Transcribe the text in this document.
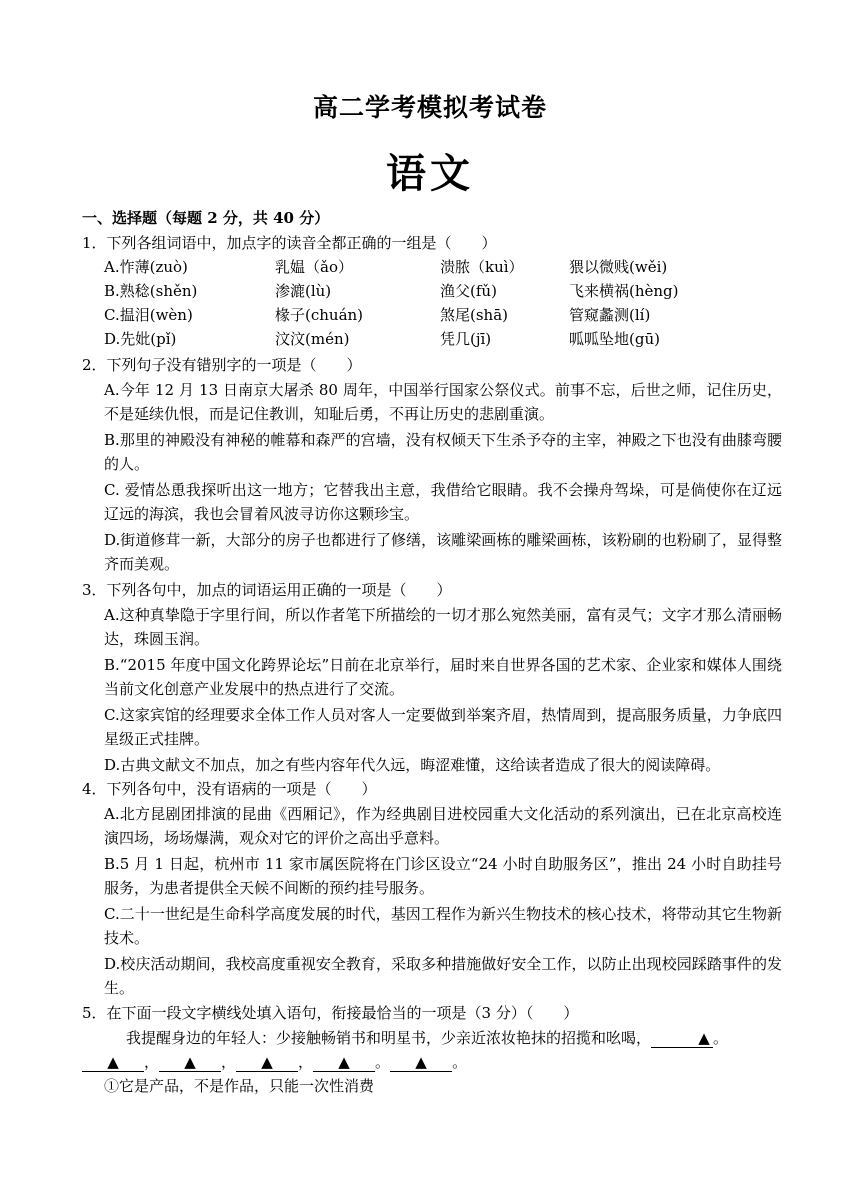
高二学考模拟考试卷
语文
一、选择题（每题 2 分，共 40 分）
1．下列各组词语中，加点字的读音全都正确的一组是（　　）
A.怍薄(zuò)	乳媪（ǎo）	溃脓（kuì）	猥以微贱(wěi)
B.熟稔(shěn)	渗漉(lù)	渔父(fǔ)	飞来横祸(hèng)
C.揾泪(wèn)	椽子(chuán)	煞尾(shā)	管窥蠡测(lí)
D.先妣(pǐ)	汶汶(mén)	凭几(jī)	呱呱坠地(gū)
2．下列句子没有错别字的一项是（　　）
A.今年 12 月 13 日南京大屠杀 80 周年，中国举行国家公祭仪式。前事不忘，后世之师，记住历史，不是延续仇恨，而是记住教训，知耻后勇，不再让历史的悲剧重演。
B.那里的神殿没有神秘的帷幕和森严的宫墙，没有权倾天下生杀予夺的主宰，神殿之下也没有曲膝弯腰的人。
C. 爱情怂恿我探听出这一地方；它替我出主意，我借给它眼睛。我不会操舟驾垛，可是倘使你在辽远辽远的海滨，我也会冒着风波寻访你这颗珍宝。
D.街道修茸一新，大部分的房子也都进行了修缮，该雕梁画栋的雕梁画栋，该粉刷的也粉刷了，显得整齐而美观。
3．下列各句中，加点的词语运用正确的一项是（　　）
A.这种真挚隐于字里行间，所以作者笔下所描绘的一切才那么宛然美丽，富有灵气；文字才那么清丽畅达，珠圆玉润。
B.“2015 年度中国文化跨界论坛”日前在北京举行，届时来自世界各国的艺术家、企业家和媒体人围绕当前文化创意产业发展中的热点进行了交流。
C.这家宾馆的经理要求全体工作人员对客人一定要做到举案齐眉，热情周到，提高服务质量，力争底四星级正式挂牌。
D.古典文献文不加点，加之有些内容年代久远，晦涩难懂，这给读者造成了很大的阅读障碍。
4．下列各句中，没有语病的一项是（　　）
A.北方昆剧团排演的昆曲《西厢记》，作为经典剧目进校园重大文化活动的系列演出，已在北京高校连演四场，场场爆满，观众对它的评价之高出乎意料。
B.5 月 1 日起，杭州市 11 家市属医院将在门诊区设立“24 小时自助服务区”，推出 24 小时自助挂号服务，为患者提供全天候不间断的预约挂号服务。
C.二十一世纪是生命科学高度发展的时代，基因工程作为新兴生物技术的核心技术，将带动其它生物新技术。
D.校庆活动期间，我校高度重视安全教育，采取多种措施做好安全工作，以防止出现校园踩踏事件的发生。
5．在下面一段文字横线处填入语句，衔接最恰当的一项是（3 分）（　　）
我提醒身边的年轻人：少接触畅销书和明星书，少亲近浓妆艳抹的招揽和吆喝，	▲ 。
▲ ， ▲ ， ▲ ， ▲ 。 ▲ 。
①它是产品，不是作品，只能一次性消费
